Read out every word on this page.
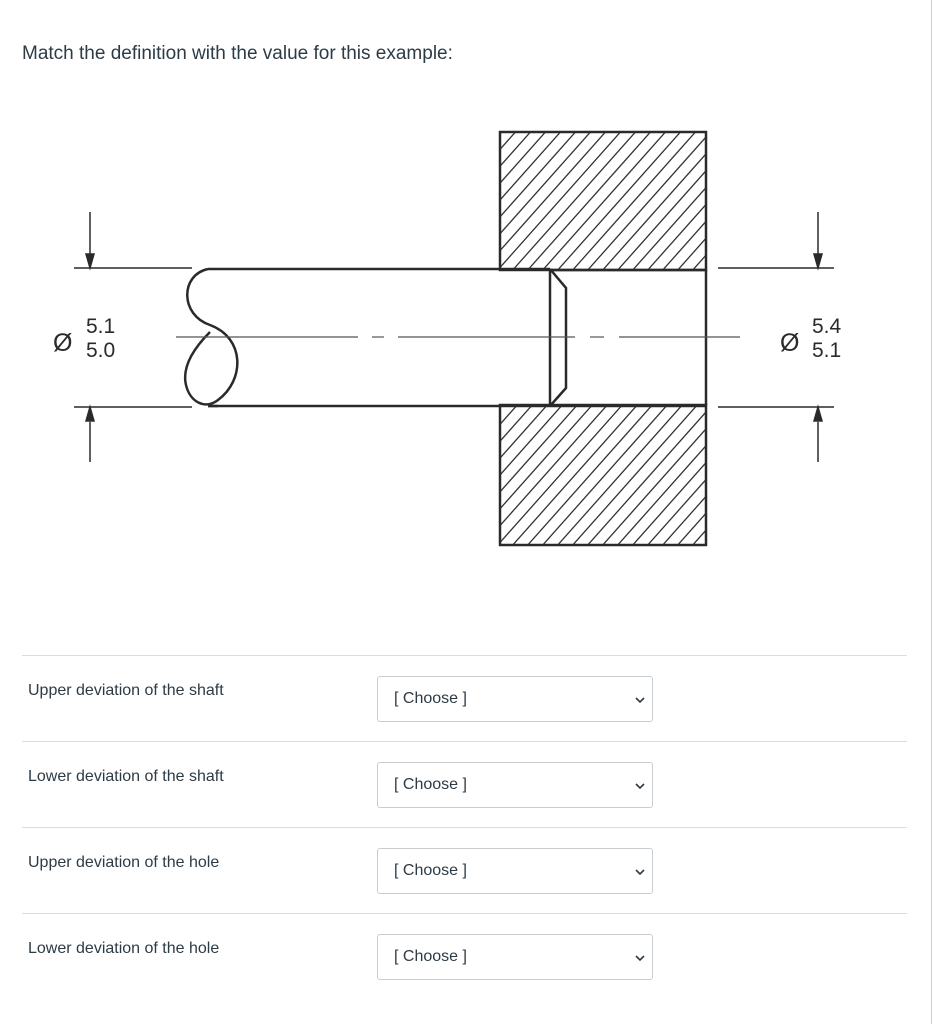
Match the definition with the value for this example:

Ø
5.1
5.0	Ø
5.4
5.1
Upper deviation of the shaft	[ Choose ]
Lower deviation of the shaft	[ Choose ]
Upper deviation of the hole	[ Choose ]
Lower deviation of the hole	[ Choose ]
